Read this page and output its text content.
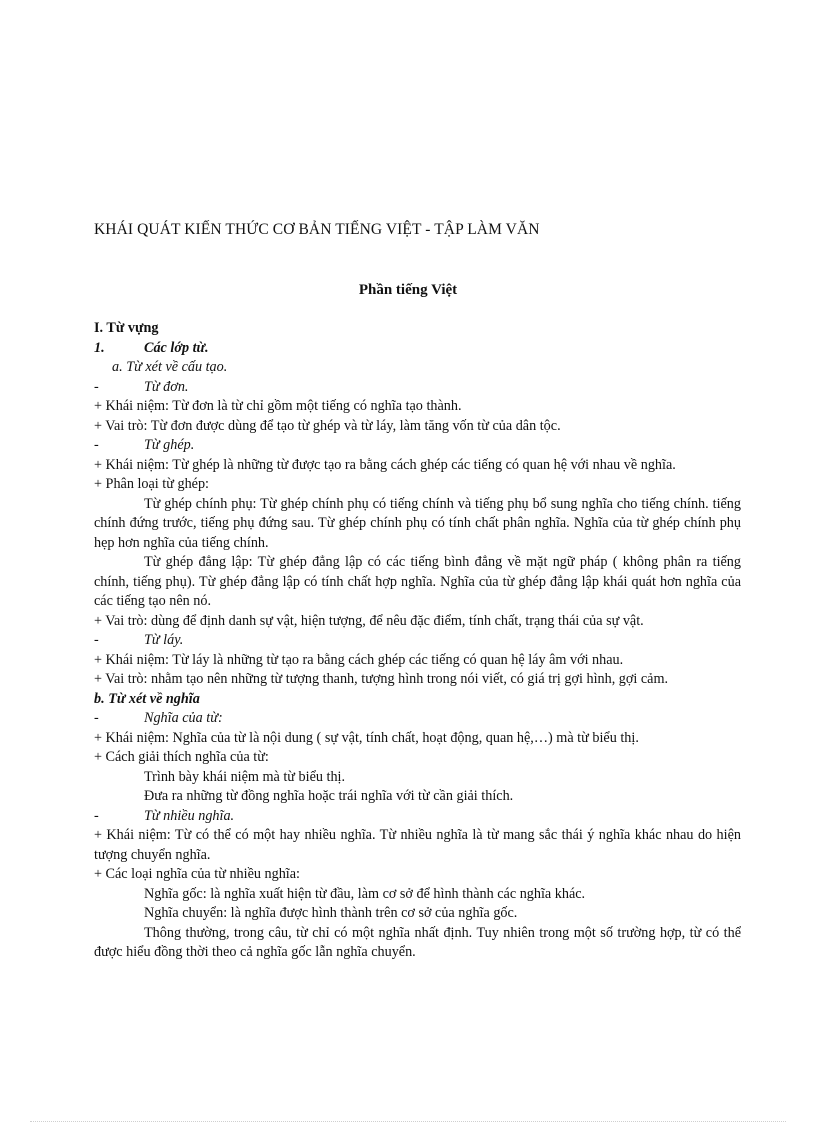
KHÁI QUÁT KIẾN THỨC CƠ BẢN TIẾNG VIỆT - TẬP LÀM VĂN
Phần tiếng Việt

I. Từ vựng

1.	Các lớp từ.

a. Từ xét về cấu tạo.

-	Từ đơn.

+ Khái niệm: Từ đơn là từ chỉ gồm một tiếng có nghĩa tạo thành.

+ Vai trò: Từ đơn được dùng để tạo từ ghép và từ láy, làm tăng vốn từ của dân tộc.

-	Từ ghép.

+ Khái niệm: Từ ghép là những từ được tạo ra bằng cách ghép các tiếng có quan hệ với nhau về nghĩa.

+ Phân loại từ ghép:

Từ ghép chính phụ: Từ ghép chính phụ có tiếng chính và tiếng phụ bổ sung nghĩa cho tiếng chính. tiếng chính đứng trước, tiếng phụ đứng sau. Từ ghép chính phụ có tính chất phân nghĩa. Nghĩa của từ ghép chính phụ hẹp hơn nghĩa của tiếng chính.

Từ ghép đẳng lập: Từ ghép đẳng lập có các tiếng bình đẳng về mặt ngữ pháp ( không phân ra tiếng chính, tiếng phụ). Từ ghép đẳng lập có tính chất hợp nghĩa. Nghĩa của từ ghép đẳng lập khái quát hơn nghĩa của các tiếng tạo nên nó.

+ Vai trò: dùng để định danh sự vật, hiện tượng, để nêu đặc điểm, tính chất, trạng thái của sự vật.

-	Từ láy.

+ Khái niệm: Từ láy là những từ tạo ra bằng cách ghép các tiếng có quan hệ láy âm với nhau.

+ Vai trò: nhằm tạo nên những từ tượng thanh, tượng hình trong nói viết, có giá trị gợi hình, gợi cảm.

b. Từ xét về nghĩa

-	Nghĩa của từ:

+ Khái niệm: Nghĩa của từ là nội dung ( sự vật, tính chất, hoạt động, quan hệ,…) mà từ biểu thị.

+ Cách giải thích nghĩa của từ:

Trình bày khái niệm mà từ biểu thị.

Đưa ra những từ đồng nghĩa hoặc trái nghĩa với từ cần giải thích.

-	Từ nhiều nghĩa.

+ Khái niệm: Từ có thể có một hay nhiều nghĩa. Từ nhiều nghĩa là từ mang sắc thái ý nghĩa khác nhau do hiện tượng chuyển nghĩa.

+ Các loại nghĩa của từ nhiều nghĩa:

Nghĩa gốc: là nghĩa xuất hiện từ đầu, làm cơ sở để hình thành các nghĩa khác.

Nghĩa chuyển: là nghĩa được hình thành trên cơ sở của nghĩa gốc.

Thông thường, trong câu, từ chỉ có một nghĩa nhất định. Tuy nhiên trong một số trường hợp, từ có thể được hiểu đồng thời theo cả nghĩa gốc lẫn nghĩa chuyển.
